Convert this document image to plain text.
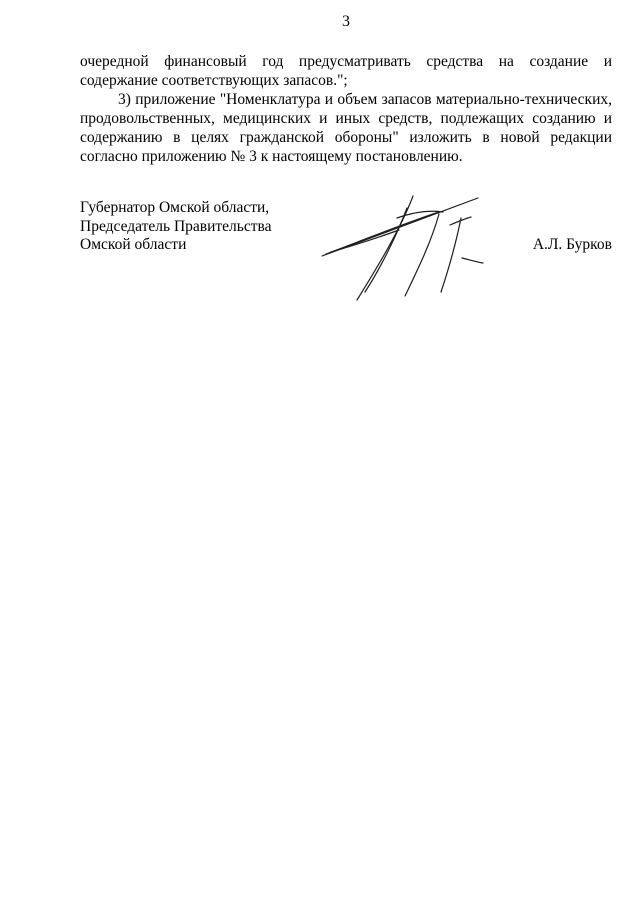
3
очередной финансовый год предусматривать средства на создание и
содержание соответствующих запасов.";
3) приложение "Номенклатура и объем запасов материально-технических,
продовольственных, медицинских и иных средств, подлежащих созданию и
содержанию в целях гражданской обороны" изложить в новой редакции
согласно приложению № 3 к настоящему постановлению.
Губернатор Омской области,
Председатель Правительства
Омской области	А.Л. Бурков
